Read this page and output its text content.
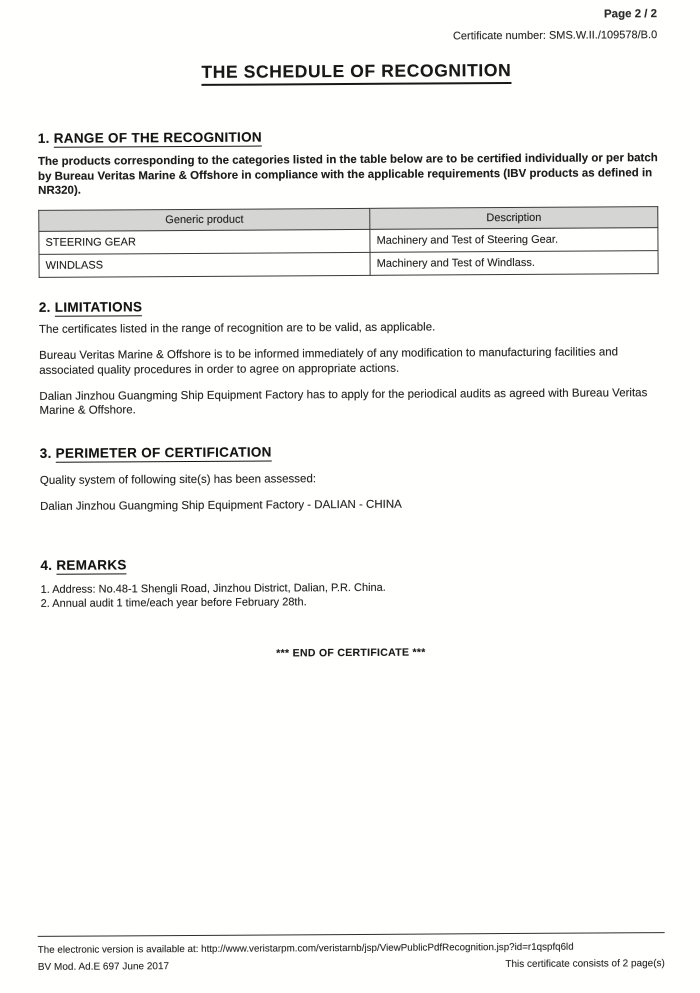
Page 2 / 2
Certificate number: SMS.W.II./109578/B.0
THE SCHEDULE OF RECOGNITION
1. RANGE OF THE RECOGNITION

The products corresponding to the categories listed in the table below are to be certified individually or per batch by Bureau Veritas Marine & Offshore in compliance with the applicable requirements (IBV products as defined in NR320).

Generic product	Description
STEERING GEAR	Machinery and Test of Steering Gear.
WINDLASS	Machinery and Test of Windlass.
2. LIMITATIONS

The certificates listed in the range of recognition are to be valid, as applicable.

Bureau Veritas Marine & Offshore is to be informed immediately of any modification to manufacturing facilities and associated quality procedures in order to agree on appropriate actions.

Dalian Jinzhou Guangming Ship Equipment Factory has to apply for the periodical audits as agreed with Bureau Veritas Marine & Offshore.

3. PERIMETER OF CERTIFICATION

Quality system of following site(s) has been assessed:

Dalian Jinzhou Guangming Ship Equipment Factory - DALIAN - CHINA

4. REMARKS
1. Address: No.48-1 Shengli Road, Jinzhou District, Dalian, P.R. China.
2. Annual audit 1 time/each year before February 28th.
*** END OF CERTIFICATE ***
The electronic version is available at: http://www.veristarpm.com/veristarnb/jsp/ViewPublicPdfRecognition.jsp?id=r1qspfq6ld
BV Mod. Ad.E 697 June 2017	This certificate consists of 2 page(s)
